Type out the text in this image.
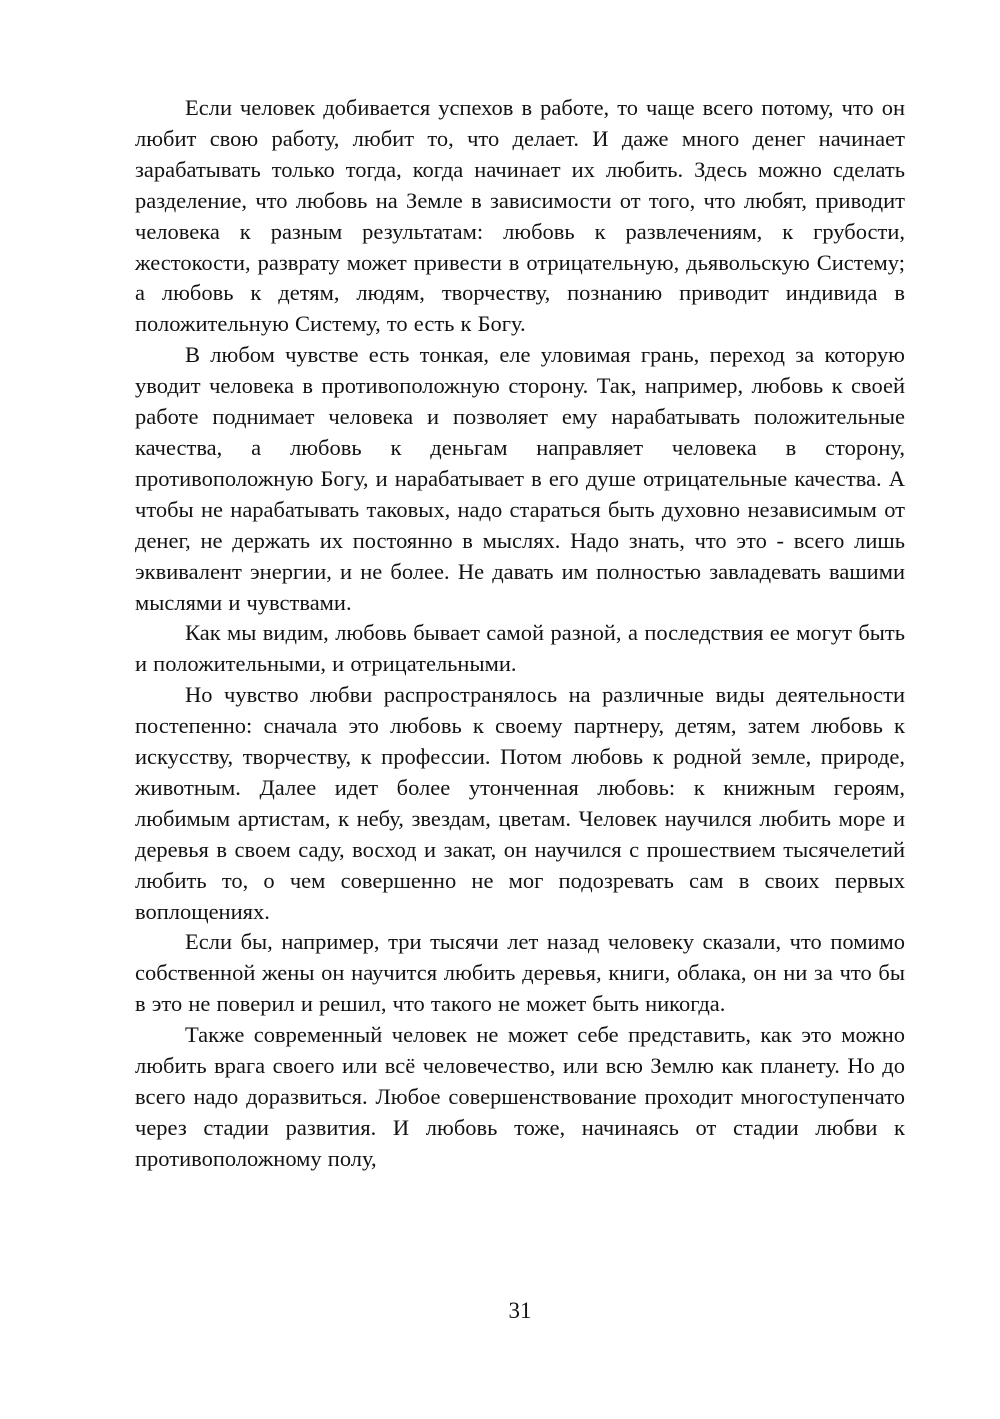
Если человек добивается успехов в работе, то чаще всего потому, что он любит свою работу, любит то, что делает. И даже много денег начинает зарабатывать только тогда, когда начинает их любить. Здесь можно сделать разделение, что любовь на Земле в зависимости от того, что любят, приводит человека к разным результатам: любовь к развлечениям, к грубости, жестокости, разврату может привести в отрицательную, дьявольскую Систему; а любовь к детям, людям, творчеству, познанию приводит индивида в положительную Систему, то есть к Богу.

В любом чувстве есть тонкая, еле уловимая грань, переход за которую уводит человека в противоположную сторону. Так, например, любовь к своей работе поднимает человека и позволяет ему нарабатывать положительные качества, а любовь к деньгам направляет человека в сторону, противоположную Богу, и нарабатывает в его душе отрицательные качества. А чтобы не нарабатывать таковых, надо стараться быть духовно независимым от денег, не держать их постоянно в мыслях. Надо знать, что это - всего лишь эквивалент энергии, и не более. Не давать им полностью завладевать вашими мыслями и чувствами.

Как мы видим, любовь бывает самой разной, а последствия ее могут быть и положительными, и отрицательными.

Но чувство любви распространялось на различные виды деятельности постепенно: сначала это любовь к своему партнеру, детям, затем любовь к искусству, творчеству, к профессии. Потом любовь к родной земле, природе, животным. Далее идет более утонченная любовь: к книжным героям, любимым артистам, к небу, звездам, цветам. Человек научился любить море и деревья в своем саду, восход и закат, он научился с прошествием тысячелетий любить то, о чем совершенно не мог подозревать сам в своих первых воплощениях.

Если бы, например, три тысячи лет назад человеку сказали, что помимо собственной жены он научится любить деревья, книги, облака, он ни за что бы в это не поверил и решил, что такого не может быть никогда.

Также современный человек не может себе представить, как это можно любить врага своего или всё человечество, или всю Землю как планету. Но до всего надо доразвиться. Любое совершенствование проходит многоступенчато через стадии развития. И любовь тоже, начинаясь от стадии любви к противоположному полу,

31
